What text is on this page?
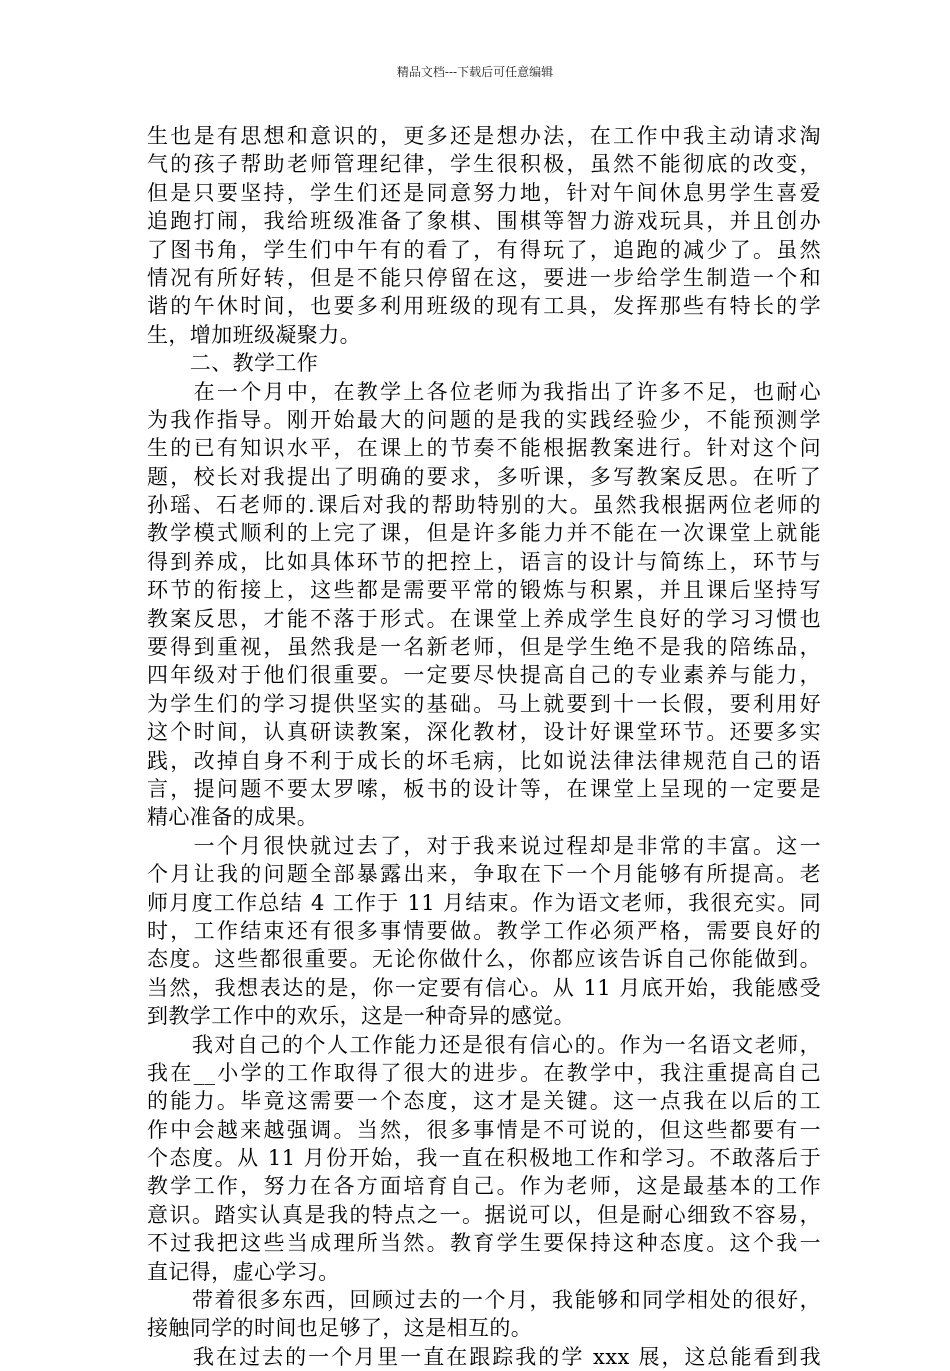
精品文档---下载后可任意编辑
生也是有思想和意识的，更多还是想办法，在工作中我主动请求淘
气的孩子帮助老师管理纪律，学生很积极，虽然不能彻底的改变，
但是只要坚持，学生们还是同意努力地，针对午间休息男学生喜爱
追跑打闹，我给班级准备了象棋、围棋等智力游戏玩具，并且创办
了图书角，学生们中午有的看了，有得玩了，追跑的减少了。虽然
情况有所好转，但是不能只停留在这，要进一步给学生制造一个和
谐的午休时间，也要多利用班级的现有工具，发挥那些有特长的学
生，增加班级凝聚力。
　　二、教学工作
　　在一个月中，在教学上各位老师为我指出了许多不足，也耐心
为我作指导。刚开始最大的问题的是我的实践经验少，不能预测学
生的已有知识水平，在课上的节奏不能根据教案进行。针对这个问
题，校长对我提出了明确的要求，多听课，多写教案反思。在听了
孙瑶、石老师的.课后对我的帮助特别的大。虽然我根据两位老师的
教学模式顺利的上完了课，但是许多能力并不能在一次课堂上就能
得到养成，比如具体环节的把控上，语言的设计与简练上，环节与
环节的衔接上，这些都是需要平常的锻炼与积累，并且课后坚持写
教案反思，才能不落于形式。在课堂上养成学生良好的学习习惯也
要得到重视，虽然我是一名新老师，但是学生绝不是我的陪练品，
四年级对于他们很重要。一定要尽快提高自己的专业素养与能力，
为学生们的学习提供坚实的基础。马上就要到十一长假，要利用好
这个时间，认真研读教案，深化教材，设计好课堂环节。还要多实
践，改掉自身不利于成长的坏毛病，比如说法律法律规范自己的语
言，提问题不要太罗嗦，板书的设计等，在课堂上呈现的一定要是
精心准备的成果。
　　一个月很快就过去了，对于我来说过程却是非常的丰富。这一
个月让我的问题全部暴露出来，争取在下一个月能够有所提高。老
师月度工作总结 4 工作于 11 月结束。作为语文老师，我很充实。同
时，工作结束还有很多事情要做。教学工作必须严格，需要良好的
态度。这些都很重要。无论你做什么，你都应该告诉自己你能做到。
当然，我想表达的是，你一定要有信心。从 11 月底开始，我能感受
到教学工作中的欢乐，这是一种奇异的感觉。
　　我对自己的个人工作能力还是很有信心的。作为一名语文老师，
我在__小学的工作取得了很大的进步。在教学中，我注重提高自己
的能力。毕竟这需要一个态度，这才是关键。这一点我在以后的工
作中会越来越强调。当然，很多事情是不可说的，但这些都要有一
个态度。从 11 月份开始，我一直在积极地工作和学习。不敢落后于
教学工作，努力在各方面培育自己。作为老师，这是最基本的工作
意识。踏实认真是我的特点之一。据说可以，但是耐心细致不容易，
不过我把这些当成理所当然。教育学生要保持这种态度。这个我一
直记得，虚心学习。
　　带着很多东西，回顾过去的一个月，我能够和同学相处的很好，
接触同学的时间也足够了，这是相互的。
　　我在过去的一个月里一直在跟踪我的学 xxx 展，这总能看到我
